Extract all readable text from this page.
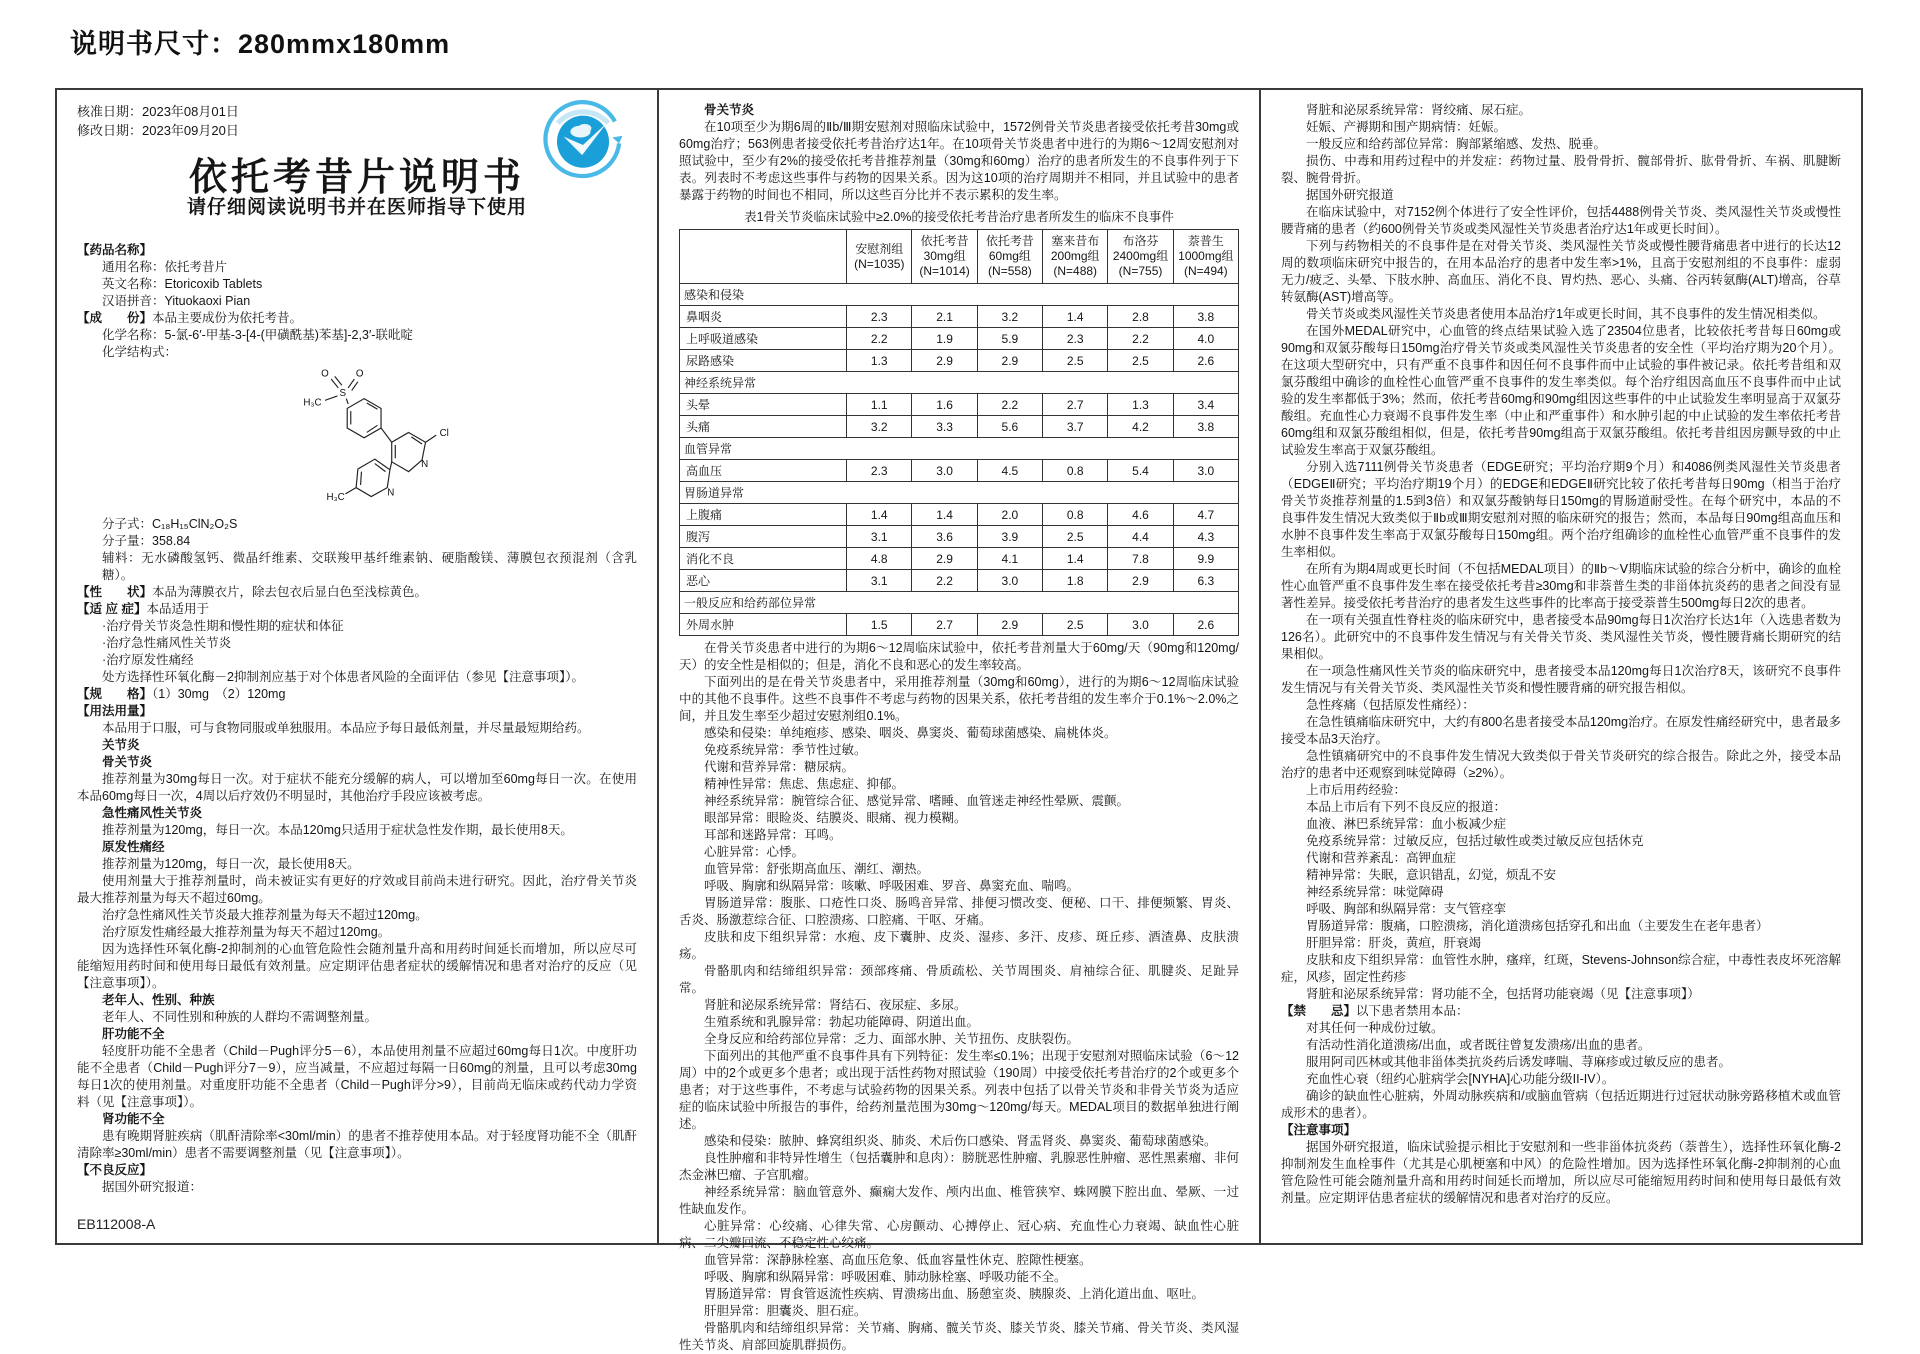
说明书尺寸：280mmx180mm
核准日期：2023年08月01日
修改日期：2023年09月20日
依托考昔片说明书
请仔细阅读说明书并在医师指导下使用
【药品名称】
通用名称：依托考昔片
英文名称：Etoricoxib Tablets
汉语拼音：Yituokaoxi Pian
【成　　份】本品主要成份为依托考昔。
化学名称：5-氯-6′-甲基-3-[4-(甲磺酰基)苯基]-2,3′-联吡啶
化学结构式：
O O
S
H₃C
Cl
N
H₃C	N
分子式：C₁₈H₁₅ClN₂O₂S
分子量：358.84
辅料：无水磷酸氢钙、微晶纤维素、交联羧甲基纤维素钠、硬脂酸镁、薄膜包衣预混剂（含乳糖）。
【性　　状】本品为薄膜衣片，除去包衣后显白色至浅棕黄色。
【适 应 症】本品适用于
·治疗骨关节炎急性期和慢性期的症状和体征
·治疗急性痛风性关节炎
·治疗原发性痛经
处方选择性环氧化酶－2抑制剂应基于对个体患者风险的全面评估（参见【注意事项】）。
【规　　格】（1）30mg　（2）120mg
【用法用量】
本品用于口服，可与食物同服或单独服用。本品应予每日最低剂量，并尽量最短期给药。
关节炎
骨关节炎
推荐剂量为30mg每日一次。对于症状不能充分缓解的病人，可以增加至60mg每日一次。在使用本品60mg每日一次，4周以后疗效仍不明显时，其他治疗手段应该被考虑。
急性痛风性关节炎
推荐剂量为120mg，每日一次。本品120mg只适用于症状急性发作期，最长使用8天。
原发性痛经
推荐剂量为120mg，每日一次，最长使用8天。
使用剂量大于推荐剂量时，尚未被证实有更好的疗效或目前尚未进行研究。因此，治疗骨关节炎最大推荐剂量为每天不超过60mg。
治疗急性痛风性关节炎最大推荐剂量为每天不超过120mg。
治疗原发性痛经最大推荐剂量为每天不超过120mg。
因为选择性环氧化酶-2抑制剂的心血管危险性会随剂量升高和用药时间延长而增加，所以应尽可能缩短用药时间和使用每日最低有效剂量。应定期评估患者症状的缓解情况和患者对治疗的反应（见【注意事项】）。
老年人、性别、种族
老年人、不同性别和种族的人群均不需调整剂量。
肝功能不全
轻度肝功能不全患者（Child－Pugh评分5－6），本品使用剂量不应超过60mg每日1次。中度肝功能不全患者（Child－Pugh评分7－9），应当减量，不应超过每隔一日60mg的剂量，且可以考虑30mg每日1次的使用剂量。对重度肝功能不全患者（Child－Pugh评分>9），目前尚无临床或药代动力学资料（见【注意事项】）。
肾功能不全
患有晚期肾脏疾病（肌酐清除率<30ml/min）的患者不推荐使用本品。对于轻度肾功能不全（肌酐清除率≥30ml/min）患者不需要调整剂量（见【注意事项】）。
【不良反应】
据国外研究报道：
EB112008-A
骨关节炎
在10项至少为期6周的Ⅱb/Ⅲ期安慰剂对照临床试验中，1572例骨关节炎患者接受依托考昔30mg或60mg治疗；563例患者接受依托考昔治疗达1年。在10项骨关节炎患者中进行的为期6～12周安慰剂对照试验中，至少有2%的接受依托考昔推荐剂量（30mg和60mg）治疗的患者所发生的不良事件列于下表。列表时不考虑这些事件与药物的因果关系。因为这10项的治疗周期并不相同，并且试验中的患者暴露于药物的时间也不相同，所以这些百分比并不表示累积的发生率。
表1骨关节炎临床试验中≥2.0%的接受依托考昔治疗患者所发生的临床不良事件
	安慰剂组
(N=1035)	依托考昔
30mg组
(N=1014)	依托考昔
60mg组
(N=558)	塞来昔布
200mg组
(N=488)	布洛芬
2400mg组
(N=755)	萘普生
1000mg组
(N=494)
感染和侵染						
鼻咽炎	2.3	2.1	3.2	1.4	2.8	3.8
上呼吸道感染	2.2	1.9	5.9	2.3	2.2	4.0
尿路感染	1.3	2.9	2.9	2.5	2.5	2.6
神经系统异常						
头晕	1.1	1.6	2.2	2.7	1.3	3.4
头痛	3.2	3.3	5.6	3.7	4.2	3.8
血管异常						
高血压	2.3	3.0	4.5	0.8	5.4	3.0
胃肠道异常						
上腹痛	1.4	1.4	2.0	0.8	4.6	4.7
腹泻	3.1	3.6	3.9	2.5	4.4	4.3
消化不良	4.8	2.9	4.1	1.4	7.8	9.9
恶心	3.1	2.2	3.0	1.8	2.9	6.3
一般反应和给药部位异常						
外周水肿	1.5	2.7	2.9	2.5	3.0	2.6
在骨关节炎患者中进行的为期6～12周临床试验中，依托考昔剂量大于60mg/天（90mg和120mg/天）的安全性是相似的；但是，消化不良和恶心的发生率较高。
下面列出的是在骨关节炎患者中，采用推荐剂量（30mg和60mg），进行的为期6～12周临床试验中的其他不良事件。这些不良事件不考虑与药物的因果关系，依托考昔组的发生率介于0.1%～2.0%之间，并且发生率至少超过安慰剂组0.1%。
感染和侵染：单纯疱疹、感染、咽炎、鼻窦炎、葡萄球菌感染、扁桃体炎。
免疫系统异常：季节性过敏。
代谢和营养异常：糖尿病。
精神性异常：焦虑、焦虑症、抑郁。
神经系统异常：腕管综合征、感觉异常、嗜睡、血管迷走神经性晕厥、震颤。
眼部异常：眼睑炎、结膜炎、眼痛、视力模糊。
耳部和迷路异常：耳鸣。
心脏异常：心悸。
血管异常：舒张期高血压、潮红、潮热。
呼吸、胸廓和纵隔异常：咳嗽、呼吸困难、罗音、鼻窦充血、喘鸣。
胃肠道异常：腹胀、口疮性口炎、肠鸣音异常、排便习惯改变、便秘、口干、排便频繁、胃炎、舌炎、肠激惹综合征、口腔溃疡、口腔痛、干呕、牙痛。
皮肤和皮下组织异常：水疱、皮下囊肿、皮炎、湿疹、多汗、皮疹、斑丘疹、酒渣鼻、皮肤溃疡。
骨骼肌肉和结缔组织异常：颈部疼痛、骨质疏松、关节周围炎、肩袖综合征、肌腱炎、足趾异常。
肾脏和泌尿系统异常：肾结石、夜尿症、多尿。
生殖系统和乳腺异常：勃起功能障碍、阴道出血。
全身反应和给药部位异常：乏力、面部水肿、关节扭伤、皮肤裂伤。
下面列出的其他严重不良事件具有下列特征：发生率≤0.1%；出现于安慰剂对照临床试验（6～12周）中的2个或更多个患者；或出现于活性药物对照试验（190周）中接受依托考昔治疗的2个或更多个患者；对于这些事件，不考虑与试验药物的因果关系。列表中包括了以骨关节炎和非骨关节炎为适应症的临床试验中所报告的事件，给药剂量范围为30mg～120mg/每天。MEDAL项目的数据单独进行阐述。
感染和侵染：脓肿、蜂窝组织炎、肺炎、术后伤口感染、肾盂肾炎、鼻窦炎、葡萄球菌感染。
良性肿瘤和非特异性增生（包括囊肿和息肉）：膀胱恶性肿瘤、乳腺恶性肿瘤、恶性黑素瘤、非何杰金淋巴瘤、子宫肌瘤。
神经系统异常：脑血管意外、癫痫大发作、颅内出血、椎管狭窄、蛛网膜下腔出血、晕厥、一过性缺血发作。
心脏异常：心绞痛、心律失常、心房颤动、心搏停止、冠心病、充血性心力衰竭、缺血性心脏病、二尖瓣回流、不稳定性心绞痛。
血管异常：深静脉栓塞、高血压危象、低血容量性休克、腔隙性梗塞。
呼吸、胸廓和纵隔异常：呼吸困难、肺动脉栓塞、呼吸功能不全。
胃肠道异常：胃食管返流性疾病、胃溃疡出血、肠憩室炎、胰腺炎、上消化道出血、呕吐。
肝胆异常：胆囊炎、胆石症。
骨骼肌肉和结缔组织异常：关节痛、胸痛、髋关节炎、膝关节炎、膝关节痛、骨关节炎、类风湿性关节炎、肩部回旋肌群损伤。
肾脏和泌尿系统异常：肾绞痛、尿石症。
妊娠、产褥期和围产期病情：妊娠。
一般反应和给药部位异常：胸部紧缩感、发热、脱垂。
损伤、中毒和用药过程中的并发症：药物过量、股骨骨折、髋部骨折、肱骨骨折、车祸、肌腱断裂、腕骨骨折。
据国外研究报道
在临床试验中，对7152例个体进行了安全性评价，包括4488例骨关节炎、类风湿性关节炎或慢性腰背痛的患者（约600例骨关节炎或类风湿性关节炎患者治疗达1年或更长时间）。
下列与药物相关的不良事件是在对骨关节炎、类风湿性关节炎或慢性腰背痛患者中进行的长达12周的数项临床研究中报告的，在用本品治疗的患者中发生率>1%，且高于安慰剂组的不良事件：虚弱无力/疲乏、头晕、下肢水肿、高血压、消化不良、胃灼热、恶心、头痛、谷丙转氨酶(ALT)增高，谷草转氨酶(AST)增高等。
骨关节炎或类风湿性关节炎患者使用本品治疗1年或更长时间，其不良事件的发生情况相类似。
在国外MEDAL研究中，心血管的终点结果试验入选了23504位患者，比较依托考昔每日60mg或90mg和双氯芬酸每日150mg治疗骨关节炎或类风湿性关节炎患者的安全性（平均治疗期为20个月）。在这项大型研究中，只有严重不良事件和因任何不良事件而中止试验的事件被记录。依托考昔组和双氯芬酸组中确诊的血栓性心血管严重不良事件的发生率类似。每个治疗组因高血压不良事件而中止试验的发生率都低于3%；然而，依托考昔60mg和90mg组因这些事件的中止试验发生率明显高于双氯芬酸组。充血性心力衰竭不良事件发生率（中止和严重事件）和水肿引起的中止试验的发生率依托考昔60mg组和双氯芬酸组相似，但是，依托考昔90mg组高于双氯芬酸组。依托考昔组因房颤导致的中止试验发生率高于双氯芬酸组。
分别入选7111例骨关节炎患者（EDGE研究；平均治疗期9个月）和4086例类风湿性关节炎患者（EDGEⅡ研究；平均治疗期19个月）的EDGE和EDGEⅡ研究比较了依托考昔每日90mg（相当于治疗骨关节炎推荐剂量的1.5到3倍）和双氯芬酸钠每日150mg的胃肠道耐受性。在每个研究中，本品的不良事件发生情况大致类似于Ⅱb或Ⅲ期安慰剂对照的临床研究的报告；然而，本品每日90mg组高血压和水肿不良事件发生率高于双氯芬酸每日150mg组。两个治疗组确诊的血栓性心血管严重不良事件的发生率相似。
在所有为期4周或更长时间（不包括MEDAL项目）的Ⅱb～Ⅴ期临床试验的综合分析中，确诊的血栓性心血管严重不良事件发生率在接受依托考昔≥30mg和非萘普生类的非甾体抗炎药的患者之间没有显著性差异。接受依托考昔治疗的患者发生这些事件的比率高于接受萘普生500mg每日2次的患者。
在一项有关强直性脊柱炎的临床研究中，患者接受本品90mg每日1次治疗长达1年（入选患者数为126名）。此研究中的不良事件发生情况与有关骨关节炎、类风湿性关节炎，慢性腰背痛长期研究的结果相似。
在一项急性痛风性关节炎的临床研究中，患者接受本品120mg每日1次治疗8天，该研究不良事件发生情况与有关骨关节炎、类风湿性关节炎和慢性腰背痛的研究报告相似。
急性疼痛（包括原发性痛经）：
在急性镇痛临床研究中，大约有800名患者接受本品120mg治疗。在原发性痛经研究中，患者最多接受本品3天治疗。
急性镇痛研究中的不良事件发生情况大致类似于骨关节炎研究的综合报告。除此之外，接受本品治疗的患者中还观察到味觉障碍（≥2%）。
上市后用药经验：
本品上市后有下列不良反应的报道：
血液、淋巴系统异常：血小板减少症
免疫系统异常：过敏反应，包括过敏性或类过敏反应包括休克
代谢和营养紊乱：高钾血症
精神异常：失眠，意识错乱，幻觉，烦乱不安
神经系统异常：味觉障碍
呼吸、胸部和纵隔异常：支气管痉挛
胃肠道异常：腹痛，口腔溃疡，消化道溃疡包括穿孔和出血（主要发生在老年患者）
肝胆异常：肝炎，黄疸，肝衰竭
皮肤和皮下组织异常：血管性水肿，瘙痒，红斑，Stevens-Johnson综合症，中毒性表皮坏死溶解症，风疹，固定性药疹
肾脏和泌尿系统异常：肾功能不全，包括肾功能衰竭（见【注意事项】）
【禁　　忌】以下患者禁用本品：
对其任何一种成份过敏。
有活动性消化道溃疡/出血，或者既往曾复发溃疡/出血的患者。
服用阿司匹林或其他非甾体类抗炎药后诱发哮喘、荨麻疹或过敏反应的患者。
充血性心衰（纽约心脏病学会[NYHA]心功能分级II-IV）。
确诊的缺血性心脏病，外周动脉疾病和/或脑血管病（包括近期进行过冠状动脉旁路移植术或血管成形术的患者）。
【注意事项】
据国外研究报道，临床试验提示相比于安慰剂和一些非甾体抗炎药（萘普生），选择性环氧化酶-2抑制剂发生血栓事件（尤其是心肌梗塞和中风）的危险性增加。因为选择性环氧化酶-2抑制剂的心血管危险性可能会随剂量升高和用药时间延长而增加，所以应尽可能缩短用药时间和使用每日最低有效剂量。应定期评估患者症状的缓解情况和患者对治疗的反应。
